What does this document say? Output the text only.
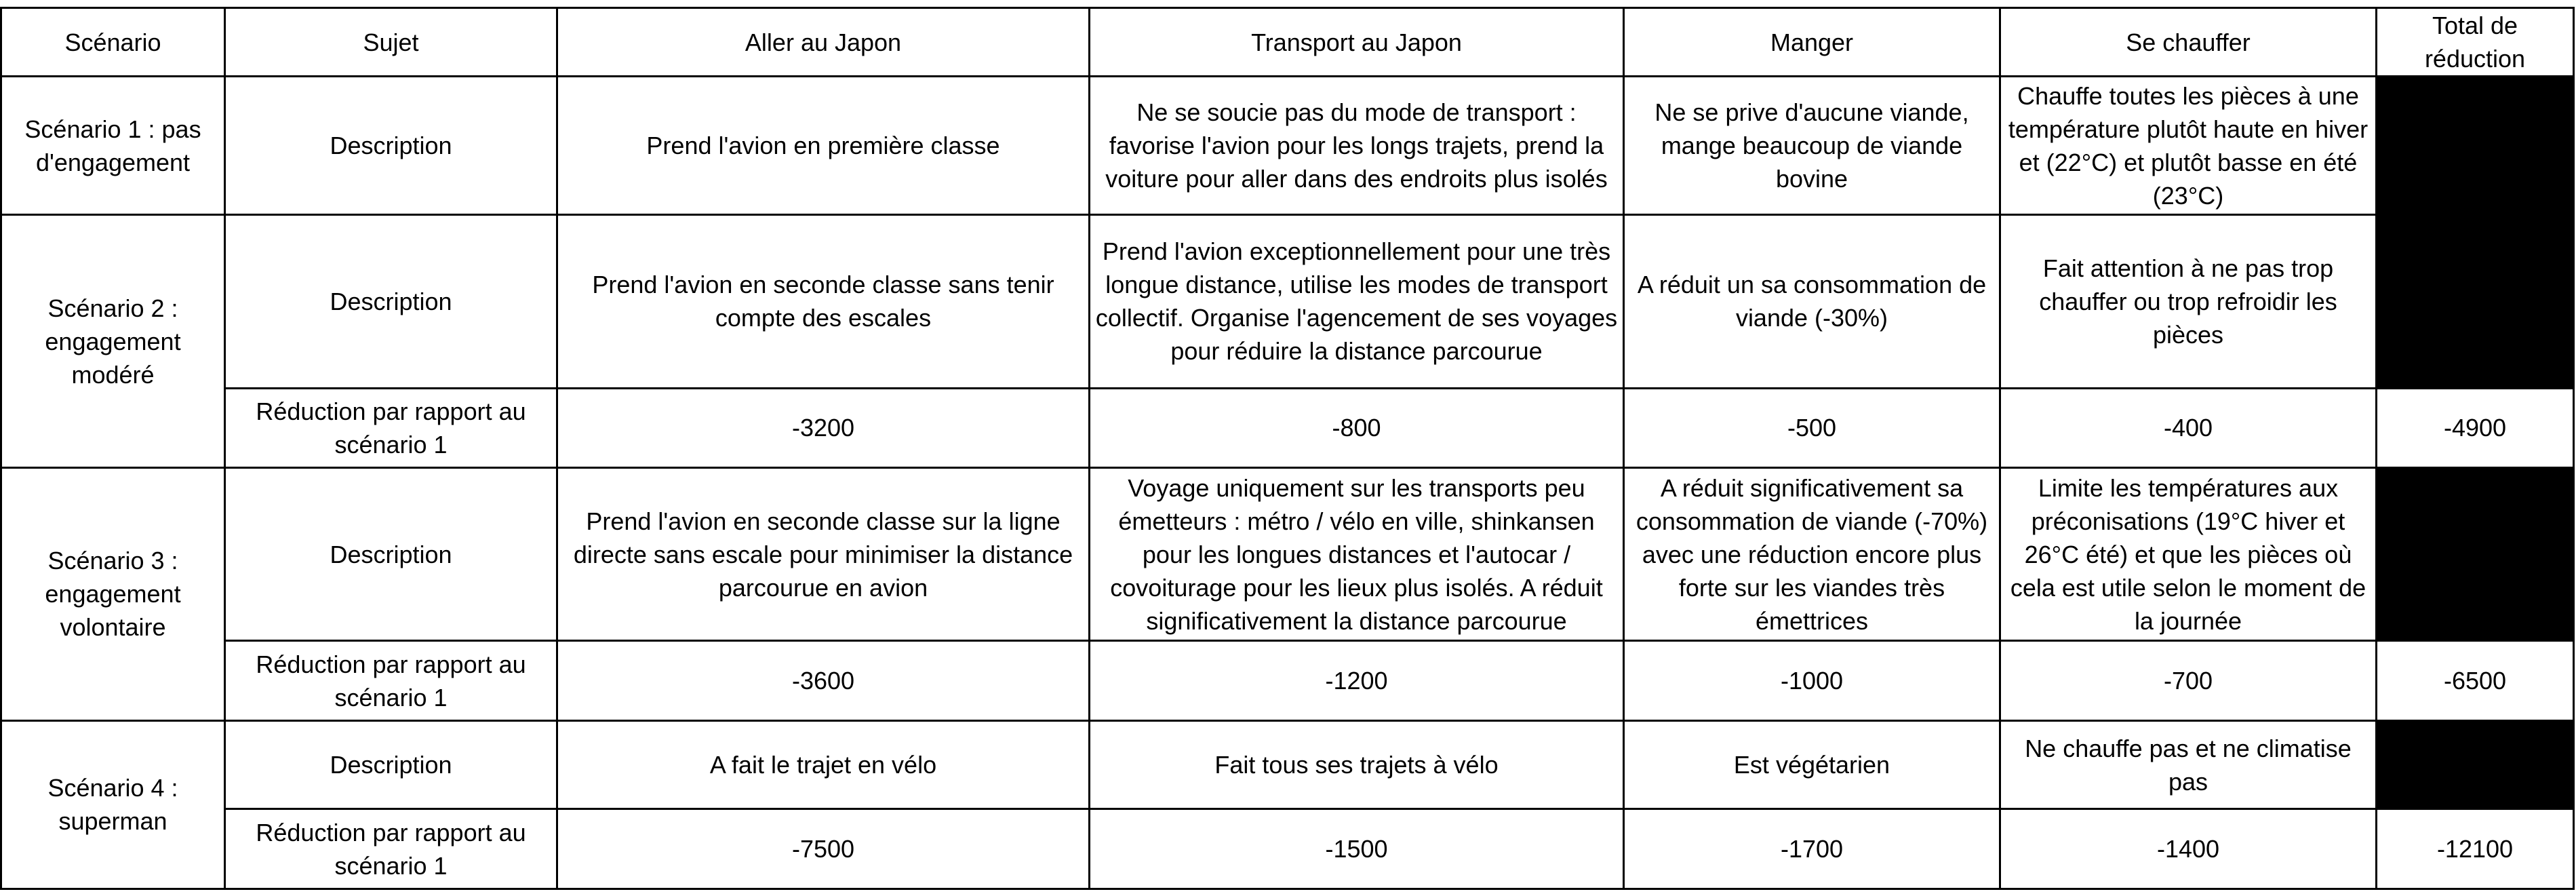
Scénario	Sujet	Aller au Japon	Transport au Japon	Manger	Se chauffer	Total de réduction
Scénario 1 : pas d'engagement	Description	Prend l'avion en première classe	Ne se soucie pas du mode de transport : favorise l'avion pour les longs trajets, prend la voiture pour aller dans des endroits plus isolés	Ne se prive d'aucune viande, mange beaucoup de viande bovine	Chauffe toutes les pièces à une température plutôt haute en hiver et (22°C) et plutôt basse en été (23°C)	
Scénario 2 : engagement modéré	Description	Prend l'avion en seconde classe sans tenir compte des escales	Prend l'avion exceptionnellement pour une très longue distance, utilise les modes de transport collectif. Organise l'agencement de ses voyages pour réduire la distance parcourue	A réduit un sa consommation de viande (-30%)	Fait attention à ne pas trop chauffer ou trop refroidir les pièces	
	Réduction par rapport au scénario 1	-3200	-800	-500	-400	-4900
Scénario 3 : engagement volontaire	Description	Prend l'avion en seconde classe sur la ligne directe sans escale pour minimiser la distance parcourue en avion	Voyage uniquement sur les transports peu émetteurs : métro / vélo en ville, shinkansen pour les longues distances et l'autocar / covoiturage pour les lieux plus isolés. A réduit significativement la distance parcourue	A réduit significativement sa consommation de viande (-70%) avec une réduction encore plus forte sur les viandes très émettrices	Limite les températures aux préconisations (19°C hiver et 26°C été) et que les pièces où cela est utile selon le moment de la journée	
	Réduction par rapport au scénario 1	-3600	-1200	-1000	-700	-6500
Scénario 4 : superman	Description	A fait le trajet en vélo	Fait tous ses trajets à vélo	Est végétarien	Ne chauffe pas et ne climatise pas	
	Réduction par rapport au scénario 1	-7500	-1500	-1700	-1400	-12100
